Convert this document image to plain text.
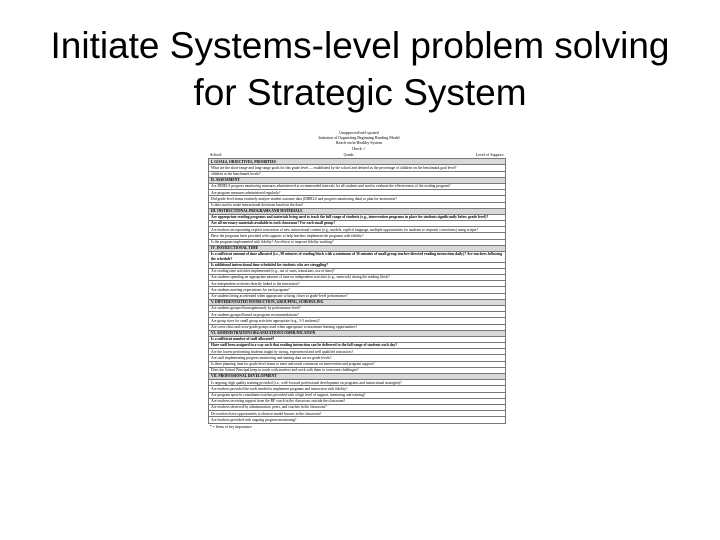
Initiate Systems-level problem solving
for Strategic System
Unapproved/self-spotted
Initiation of Organizing Beginning Reading Model
Reach-on/in Healthy System
Check ✓
School:	Grade:	Level of Support:
I. GOALS, OBJECTIVES, PRIORITIES
What are the short-range and long-range goals for this grade level — established by the school and defined as the percentage of children on the benchmark goal level?
children at the benchmark levels?
II. ASSESSMENT
Are DIBELS progress monitoring measures administered at recommended intervals for all students and used to evaluate the effectiveness of the reading program?
Are program measures administered regularly?
Did grade level teams routinely analyze student outcome data (DIBELS and progress monitoring data) to plan for instruction?
Is data used to make instructional decisions based on the data?
III. INSTRUCTIONAL PROGRAMS AND MATERIALS
Are appropriate reading programs and materials being used to teach the full range of students (e.g., intervention programs in place for students significantly below grade level)?
Are all necessary materials available in each classroom? For each small group?
Are teachers incorporating explicit instruction of new instructional content (e.g., models, explicit language, multiple opportunities for students to respond, corrections) using scripts?
Have the programs been provided with supports to help teachers implement the programs with fidelity?
Is the program implemented with fidelity? Are efforts to improve fidelity working?
IV. INSTRUCTIONAL TIME
Is a sufficient amount of time allocated (i.e., 90 minutes of reading block with a minimum of 30 minutes of small group teacher-directed reading instruction daily)? Are teachers following the schedule?
Is additional instructional time scheduled for students who are struggling?
Are reading time activities implemented (e.g., out of seats, transitions, use of time)?
Are students spending an appropriate amount of time on independent activities (e.g., seatwork) during the reading block?
Are independent activities directly linked to the instruction?
Are students meeting expectations for each program?
Are students being accelerated when appropriate to bring closer to grade-level performance?
V. DIFFERENTIATED INSTRUCTION, GROUPING, SCHEDULING
Are students grouped homogeneously by performance level?
Are students grouped based on program recommendations?
Are group sizes for small group activities appropriate (e.g., 3-5 students)?
Are cross-class and cross-grade groups used when appropriate to maximize learning opportunities?
VI. ADMINISTRATION/ORGANIZATION/COMMUNICATION
Is a sufficient number of staff allocated?
Have staff been assigned in a way such that reading instruction can be delivered to the full range of students each day?
Are the lowest performing students taught by strong, experienced and well qualified instructors?
Are staff implementing progress monitoring and sharing data across grade levels?
Is there planning time for grade level teams to meet and reach consensus on intervention and program support?
Does the School Principal keep in touch with teachers and work with them to overcome challenges?
VII. PROFESSIONAL DEVELOPMENT
Is ongoing, high quality training provided (i.e., well-focused professional development on programs and instructional strategies)?
Are teachers provided the tools needed to implement programs and instruction with fidelity?
Are program specific consultants/coaches provided with a high level of support, mentoring and training?
Are teachers receiving support from the RF coach in the classroom, outside the classroom?
Are teachers observed by administrators, peers, and coaches in the classroom?
Do teachers have opportunities to observe model lessons in the classroom?
Are teachers provided with ongoing progress monitoring?
* = Items of key importance
